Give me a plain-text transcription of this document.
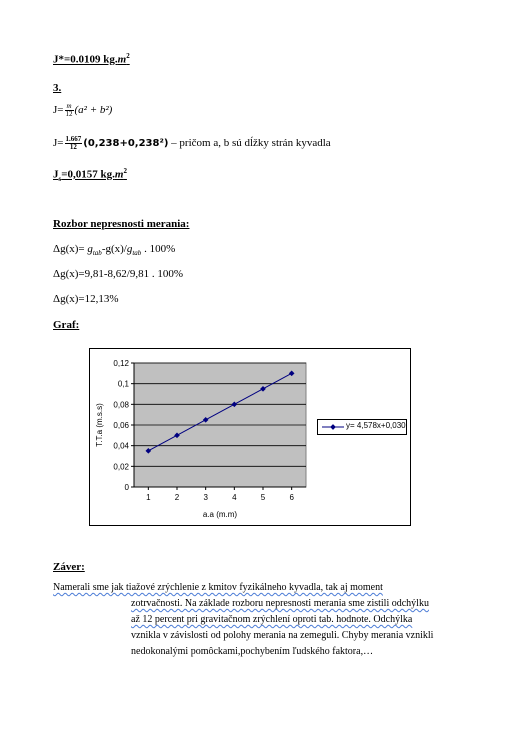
J*=0.0109 $kg.m^2$
3.
$J= \frac{m}{12} (a^2 + b^2)$
$J= \frac{1.667}{12} (0,238+0,238^2)$ – pričom a, b sú dĺžky strán kyvadla
$J_s=0,0157$ $kg.m^2$
Rozbor nepresnosti merania:
$\Delta g(x)= g_{tab}-g(x)/g_{tab}$ . 100%
Δg(x)=9,81-8,62/9,81 . 100%
Δg(x)=12,13%
Graf:
0
0,02
0,04
0,06
0,08
0,1
0,12
1	2	3	4	5	6
a.a (m.m)
T.T.a (m.s.s)	y= 4,578x+0,030
Záver:
Namerali sme jak tiažové zrýchlenie z kmitov fyzikálneho kyvadla, tak aj moment
zotrvačnosti. Na základe rozboru nepresnosti merania sme zistili odchýlku
až 12 percent pri gravitačnom zrýchlení oproti tab. hodnote. Odchýlka
vznikla v závislosti od polohy merania na zemeguli. Chyby merania vznikli
nedokonalými pomôckami,pochybením ľudského faktora,…
